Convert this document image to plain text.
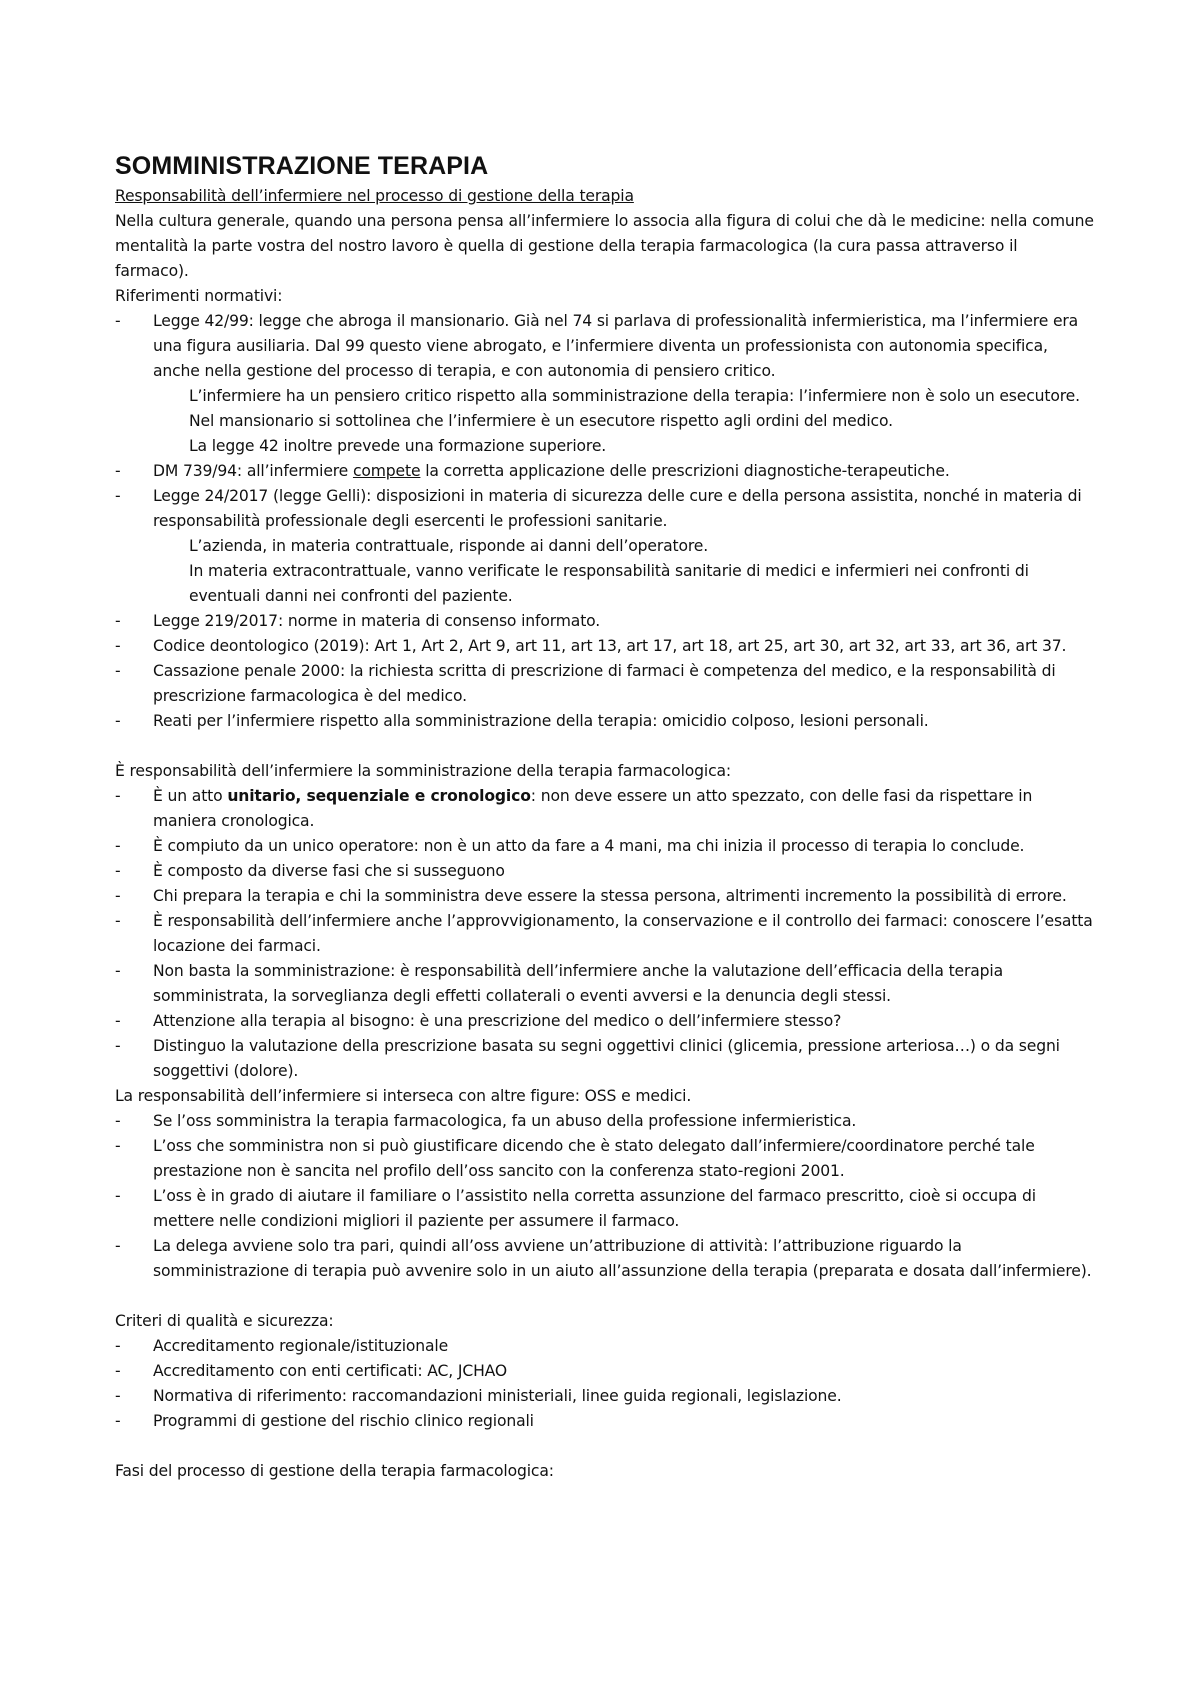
SOMMINISTRAZIONE TERAPIA

Responsabilità dell’infermiere nel processo di gestione della terapia

Nella cultura generale, quando una persona pensa all’infermiere lo associa alla figura di colui che dà le medicine: nella comune mentalità la parte vostra del nostro lavoro è quella di gestione della terapia farmacologica (la cura passa attraverso il farmaco).

Riferimenti normativi:

- Legge 42/99: legge che abroga il mansionario. Già nel 74 si parlava di professionalità infermieristica, ma l’infermiere era una figura ausiliaria. Dal 99 questo viene abrogato, e l’infermiere diventa un professionista con autonomia specifica, anche nella gestione del processo di terapia, e con autonomia di pensiero critico.

L’infermiere ha un pensiero critico rispetto alla somministrazione della terapia: l’infermiere non è solo un esecutore.

Nel mansionario si sottolinea che l’infermiere è un esecutore rispetto agli ordini del medico.

La legge 42 inoltre prevede una formazione superiore.

- DM 739/94: all’infermiere compete la corretta applicazione delle prescrizioni diagnostiche-terapeutiche.

- Legge 24/2017 (legge Gelli): disposizioni in materia di sicurezza delle cure e della persona assistita, nonché in materia di responsabilità professionale degli esercenti le professioni sanitarie.

L’azienda, in materia contrattuale, risponde ai danni dell’operatore.

In materia extracontrattuale, vanno verificate le responsabilità sanitarie di medici e infermieri nei confronti di eventuali danni nei confronti del paziente.

- Legge 219/2017: norme in materia di consenso informato.

- Codice deontologico (2019): Art 1, Art 2, Art 9, art 11, art 13, art 17, art 18, art 25, art 30, art 32, art 33, art 36, art 37.

- Cassazione penale 2000: la richiesta scritta di prescrizione di farmaci è competenza del medico, e la responsabilità di prescrizione farmacologica è del medico.

- Reati per l’infermiere rispetto alla somministrazione della terapia: omicidio colposo, lesioni personali.

È responsabilità dell’infermiere la somministrazione della terapia farmacologica:

- È un atto unitario, sequenziale e cronologico: non deve essere un atto spezzato, con delle fasi da rispettare in maniera cronologica.

- È compiuto da un unico operatore: non è un atto da fare a 4 mani, ma chi inizia il processo di terapia lo conclude.

- È composto da diverse fasi che si susseguono

- Chi prepara la terapia e chi la somministra deve essere la stessa persona, altrimenti incremento la possibilità di errore.

- È responsabilità dell’infermiere anche l’approvvigionamento, la conservazione e il controllo dei farmaci: conoscere l’esatta locazione dei farmaci.

- Non basta la somministrazione: è responsabilità dell’infermiere anche la valutazione dell’efficacia della terapia somministrata, la sorveglianza degli effetti collaterali o eventi avversi e la denuncia degli stessi.

- Attenzione alla terapia al bisogno: è una prescrizione del medico o dell’infermiere stesso?

- Distinguo la valutazione della prescrizione basata su segni oggettivi clinici (glicemia, pressione arteriosa…) o da segni soggettivi (dolore).

La responsabilità dell’infermiere si interseca con altre figure: OSS e medici.

- Se l’oss somministra la terapia farmacologica, fa un abuso della professione infermieristica.

- L’oss che somministra non si può giustificare dicendo che è stato delegato dall’infermiere/coordinatore perché tale prestazione non è sancita nel profilo dell’oss sancito con la conferenza stato-regioni 2001.

- L’oss è in grado di aiutare il familiare o l’assistito nella corretta assunzione del farmaco prescritto, cioè si occupa di mettere nelle condizioni migliori il paziente per assumere il farmaco.

- La delega avviene solo tra pari, quindi all’oss avviene un’attribuzione di attività: l’attribuzione riguardo la somministrazione di terapia può avvenire solo in un aiuto all’assunzione della terapia (preparata e dosata dall’infermiere).

Criteri di qualità e sicurezza:

- Accreditamento regionale/istituzionale

- Accreditamento con enti certificati: AC, JCHAO

- Normativa di riferimento: raccomandazioni ministeriali, linee guida regionali, legislazione.

- Programmi di gestione del rischio clinico regionali

Fasi del processo di gestione della terapia farmacologica:
